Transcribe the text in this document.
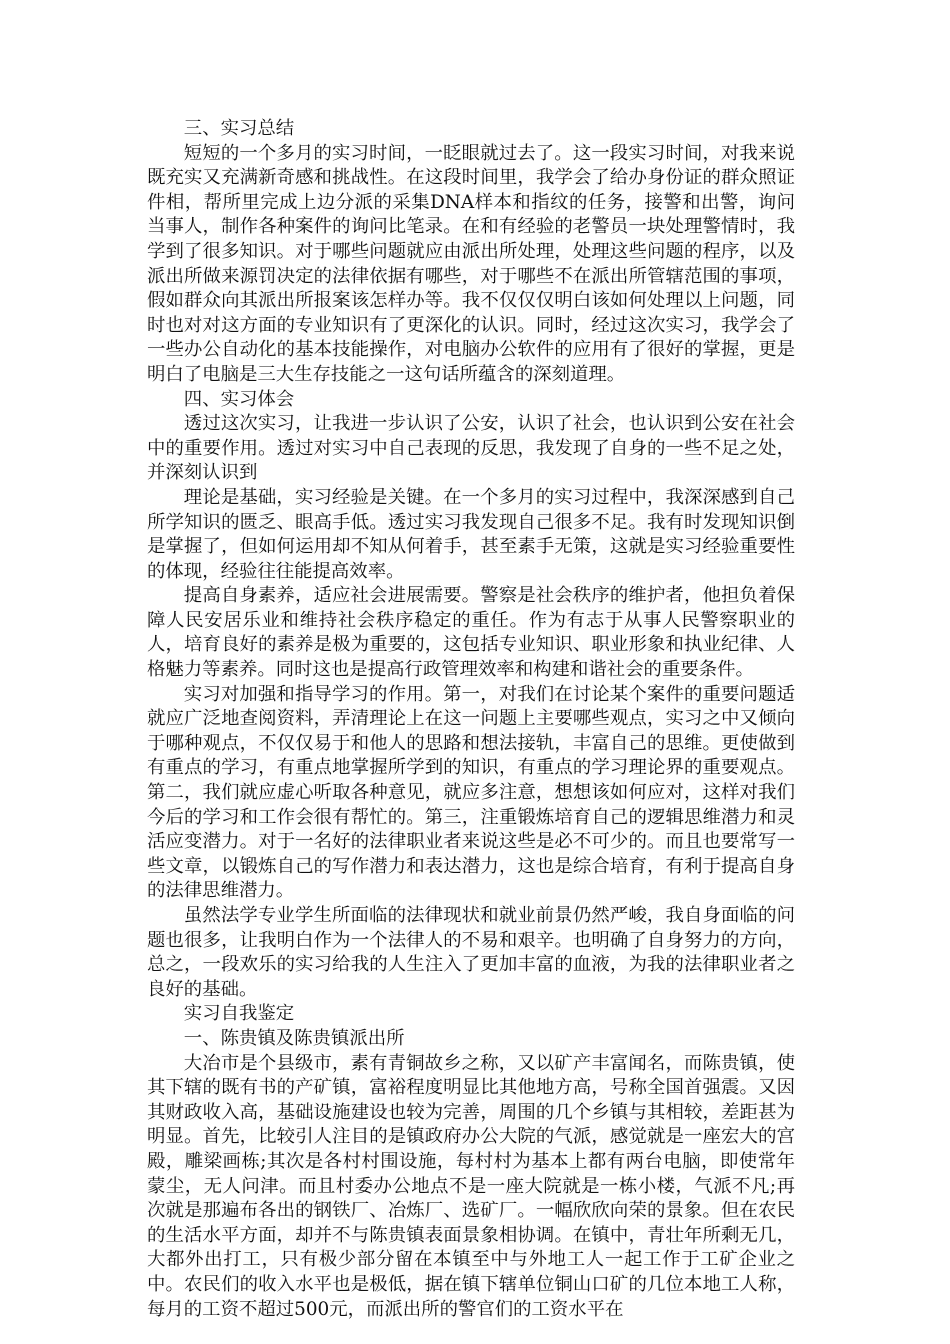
三、实习总结

短短的一个多月的实习时间，一眨眼就过去了。这一段实习时间，对我来说既充实又充满新奇感和挑战性。在这段时间里，我学会了给办身份证的群众照证件相，帮所里完成上边分派的采集DNA样本和指纹的任务，接警和出警，询问当事人，制作各种案件的询问比笔录。在和有经验的老警员一块处理警情时，我学到了很多知识。对于哪些问题就应由派出所处理，处理这些问题的程序，以及派出所做来源罚决定的法律依据有哪些，对于哪些不在派出所管辖范围的事项，假如群众向其派出所报案该怎样办等。我不仅仅仅明白该如何处理以上问题，同时也对对这方面的专业知识有了更深化的认识。同时，经过这次实习，我学会了一些办公自动化的基本技能操作，对电脑办公软件的应用有了很好的掌握，更是明白了电脑是三大生存技能之一这句话所蕴含的深刻道理。

四、实习体会

透过这次实习，让我进一步认识了公安，认识了社会，也认识到公安在社会中的重要作用。透过对实习中自己表现的反思，我发现了自身的一些不足之处，并深刻认识到

理论是基础，实习经验是关键。在一个多月的实习过程中，我深深感到自己所学知识的匮乏、眼高手低。透过实习我发现自己很多不足。我有时发现知识倒是掌握了，但如何运用却不知从何着手，甚至素手无策，这就是实习经验重要性的体现，经验往往能提高效率。

提高自身素养，适应社会进展需要。警察是社会秩序的维护者，他担负着保障人民安居乐业和维持社会秩序稳定的重任。作为有志于从事人民警察职业的人，培育良好的素养是极为重要的，这包括专业知识、职业形象和执业纪律、人格魅力等素养。同时这也是提高行政管理效率和构建和谐社会的重要条件。

实习对加强和指导学习的作用。第一，对我们在讨论某个案件的重要问题适就应广泛地查阅资料，弄清理论上在这一问题上主要哪些观点，实习之中又倾向于哪种观点，不仅仅易于和他人的思路和想法接轨，丰富自己的思维。更使做到有重点的学习，有重点地掌握所学到的知识，有重点的学习理论界的重要观点。第二，我们就应虚心听取各种意见，就应多注意，想想该如何应对，这样对我们今后的学习和工作会很有帮忙的。第三，注重锻炼培育自己的逻辑思维潜力和灵活应变潜力。对于一名好的法律职业者来说这些是必不可少的。而且也要常写一些文章，以锻炼自己的写作潜力和表达潜力，这也是综合培育，有利于提高自身的法律思维潜力。

虽然法学专业学生所面临的法律现状和就业前景仍然严峻，我自身面临的问题也很多，让我明白作为一个法律人的不易和艰辛。也明确了自身努力的方向，总之，一段欢乐的实习给我的人生注入了更加丰富的血液，为我的法律职业者之良好的基础。

实习自我鉴定
一、陈贵镇及陈贵镇派出所

大冶市是个县级市，素有青铜故乡之称，又以矿产丰富闻名，而陈贵镇，使其下辖的既有书的产矿镇，富裕程度明显比其他地方高，号称全国首强震。又因其财政收入高，基础设施建设也较为完善，周围的几个乡镇与其相较，差距甚为明显。首先，比较引人注目的是镇政府办公大院的气派，感觉就是一座宏大的宫殿，雕梁画栋;其次是各村村围设施，每村村为基本上都有两台电脑，即使常年蒙尘，无人问津。而且村委办公地点不是一座大院就是一栋小楼，气派不凡;再次就是那遍布各出的钢铁厂、冶炼厂、选矿厂。一幅欣欣向荣的景象。但在农民的生活水平方面，却并不与陈贵镇表面景象相协调。在镇中，青壮年所剩无几，大都外出打工，只有极少部分留在本镇至中与外地工人一起工作于工矿企业之中。农民们的收入水平也是极低，据在镇下辖单位铜山口矿的几位本地工人称，每月的工资不超过500元，而派出所的警官们的工资水平在
